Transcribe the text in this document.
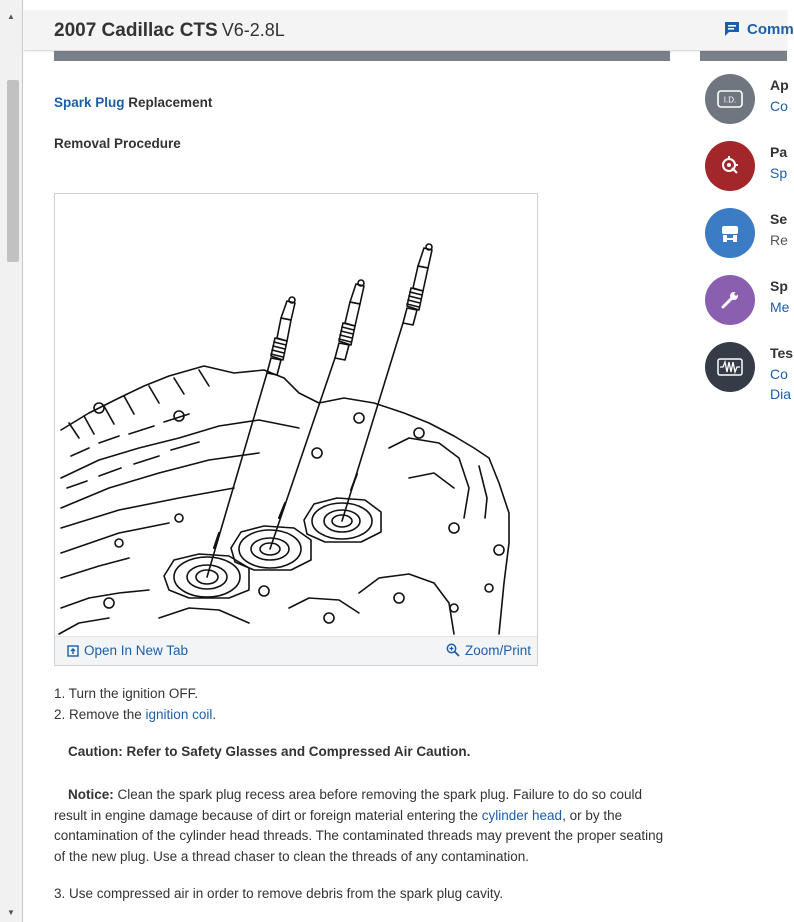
▲
▼
2007 Cadillac CTS V6-2.8L	Comm
Spark Plug Replacement
Removal Procedure
Open In New Tab	Zoom/Print
1. Turn the ignition OFF.
2. Remove the ignition coil.
Caution: Refer to Safety Glasses and Compressed Air Caution.
Notice: Clean the spark plug recess area before removing the spark plug. Failure to do so could result in engine damage because of dirt or foreign material entering the cylinder head, or by the contamination of the cylinder head threads. The contaminated threads may prevent the proper seating of the new plug. Use a thread chaser to clean the threads of any contamination.
3. Use compressed air in order to remove debris from the spark plug cavity.
I.D.
Ap
Co
Pa
Sp
Se
Re
Sp
Me
Tes
Co
Dia
